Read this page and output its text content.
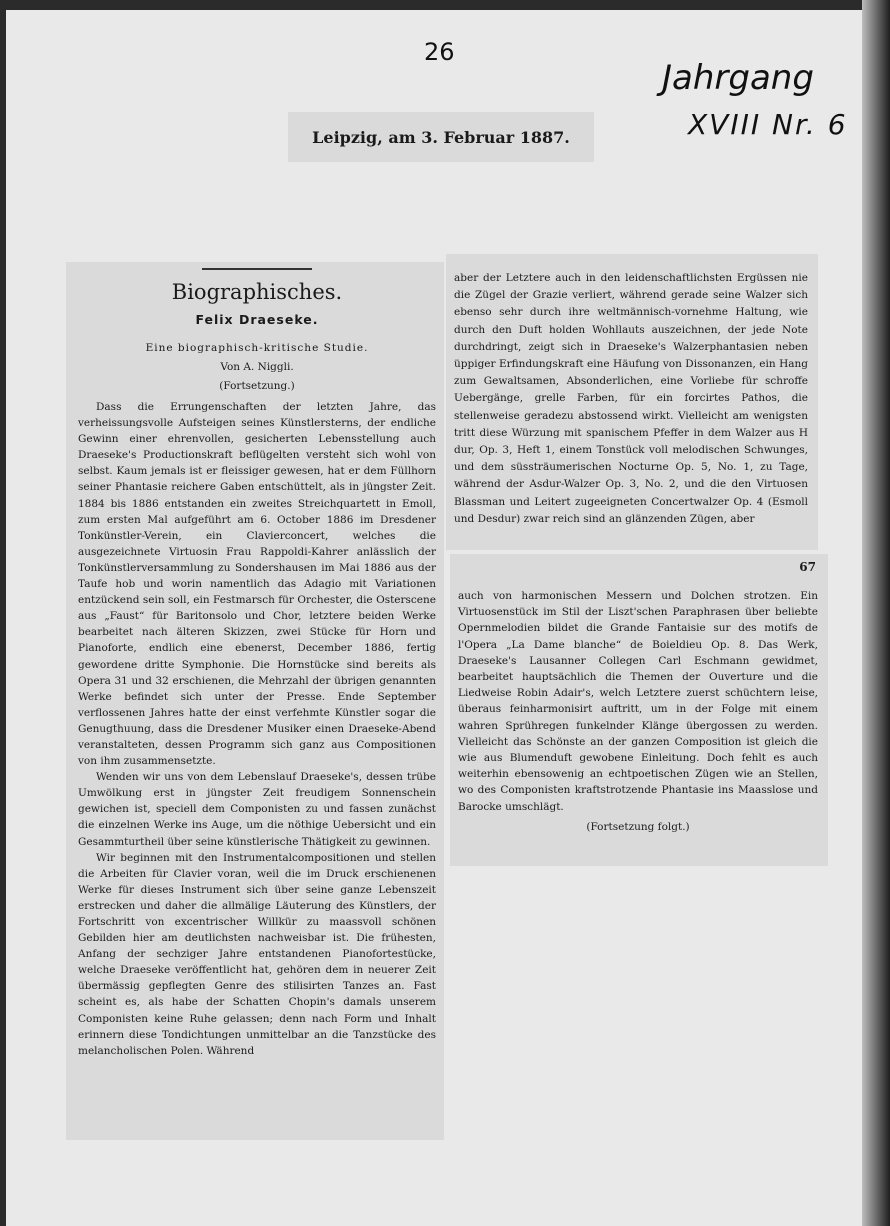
26
Jahrgang
XVIII Nr. 6
Leipzig, am 3. Februar 1887.
Biographisches.
Felix Draeseke.
Eine biographisch-kritische Studie.
Von A. Niggli.
(Fortsetzung.)

Dass die Errungenschaften der letzten Jahre, das verheissungsvolle Aufsteigen seines Künstlersterns, der endliche Gewinn einer ehrenvollen, gesicherten Lebensstellung auch Draeseke's Productionskraft beflügelten versteht sich wohl von selbst. Kaum jemals ist er fleissiger gewesen, hat er dem Füllhorn seiner Phantasie reichere Gaben entschüttelt, als in jüngster Zeit. 1884 bis 1886 entstanden ein zweites Streichquartett in Emoll, zum ersten Mal aufgeführt am 6. October 1886 im Dresdener Tonkünstler-Verein, ein Clavierconcert, welches die ausgezeichnete Virtuosin Frau Rappoldi-Kahrer anlässlich der Tonkünstlerversammlung zu Sondershausen im Mai 1886 aus der Taufe hob und worin namentlich das Adagio mit Variationen entzückend sein soll, ein Festmarsch für Orchester, die Osterscene aus „Faust“ für Baritonsolo und Chor, letztere beiden Werke bearbeitet nach älteren Skizzen, zwei Stücke für Horn und Pianoforte, endlich eine ebenerst, December 1886, fertig gewordene dritte Symphonie. Die Hornstücke sind bereits als Opera 31 und 32 erschienen, die Mehrzahl der übrigen genannten Werke befindet sich unter der Presse. Ende September verflossenen Jahres hatte der einst verfehmte Künstler sogar die Genugthuung, dass die Dresdener Musiker einen Draeseke-Abend veranstalteten, dessen Programm sich ganz aus Compositionen von ihm zusammensetzte.

Wenden wir uns von dem Lebenslauf Draeseke's, dessen trübe Umwölkung erst in jüngster Zeit freudigem Sonnenschein gewichen ist, speciell dem Componisten zu und fassen zunächst die einzelnen Werke ins Auge, um die nöthige Uebersicht und ein Gesammturtheil über seine künstlerische Thätigkeit zu gewinnen.

Wir beginnen mit den Instrumentalcompositionen und stellen die Arbeiten für Clavier voran, weil die im Druck erschienenen Werke für dieses Instrument sich über seine ganze Lebenszeit erstrecken und daher die allmälige Läuterung des Künstlers, der Fortschritt von excentrischer Willkür zu maassvoll schönen Gebilden hier am deutlichsten nachweisbar ist. Die frühesten, Anfang der sechziger Jahre entstandenen Pianofortestücke, welche Draeseke veröffentlicht hat, gehören dem in neuerer Zeit übermässig gepflegten Genre des stilisirten Tanzes an. Fast scheint es, als habe der Schatten Chopin's damals unserem Componisten keine Ruhe gelassen; denn nach Form und Inhalt erinnern diese Tondichtungen unmittelbar an die Tanzstücke des melancholischen Polen. Während

aber der Letztere auch in den leidenschaftlichsten Ergüssen nie die Zügel der Grazie verliert, während gerade seine Walzer sich ebenso sehr durch ihre weltmännisch-vornehme Haltung, wie durch den Duft holden Wohllauts auszeichnen, der jede Note durchdringt, zeigt sich in Draeseke's Walzerphantasien neben üppiger Erfindungskraft eine Häufung von Dissonanzen, ein Hang zum Gewaltsamen, Absonderlichen, eine Vorliebe für schroffe Uebergänge, grelle Farben, für ein forcirtes Pathos, die stellenweise geradezu abstossend wirkt. Vielleicht am wenigsten tritt diese Würzung mit spanischem Pfeffer in dem Walzer aus H dur, Op. 3, Heft 1, einem Tonstück voll melodischen Schwunges, und dem süssträumerischen Nocturne Op. 5, No. 1, zu Tage, während der Asdur-Walzer Op. 3, No. 2, und die den Virtuosen Blassman und Leitert zugeeigneten Concertwalzer Op. 4 (Esmoll und Desdur) zwar reich sind an glänzenden Zügen, aber

67

auch von harmonischen Messern und Dolchen strotzen. Ein Virtuosenstück im Stil der Liszt'schen Paraphrasen über beliebte Opernmelodien bildet die Grande Fantaisie sur des motifs de l'Opera „La Dame blanche“ de Boieldieu Op. 8. Das Werk, Draeseke's Lausanner Collegen Carl Eschmann gewidmet, bearbeitet hauptsächlich die Themen der Ouverture und die Liedweise Robin Adair's, welch Letztere zuerst schüchtern leise, überaus feinharmonisirt auftritt, um in der Folge mit einem wahren Sprühregen funkelnder Klänge übergossen zu werden. Vielleicht das Schönste an der ganzen Composition ist gleich die wie aus Blumenduft gewobene Einleitung. Doch fehlt es auch weiterhin ebensowenig an echtpoetischen Zügen wie an Stellen, wo des Componisten kraftstrotzende Phantasie ins Maasslose und Barocke umschlägt.

(Fortsetzung folgt.)
